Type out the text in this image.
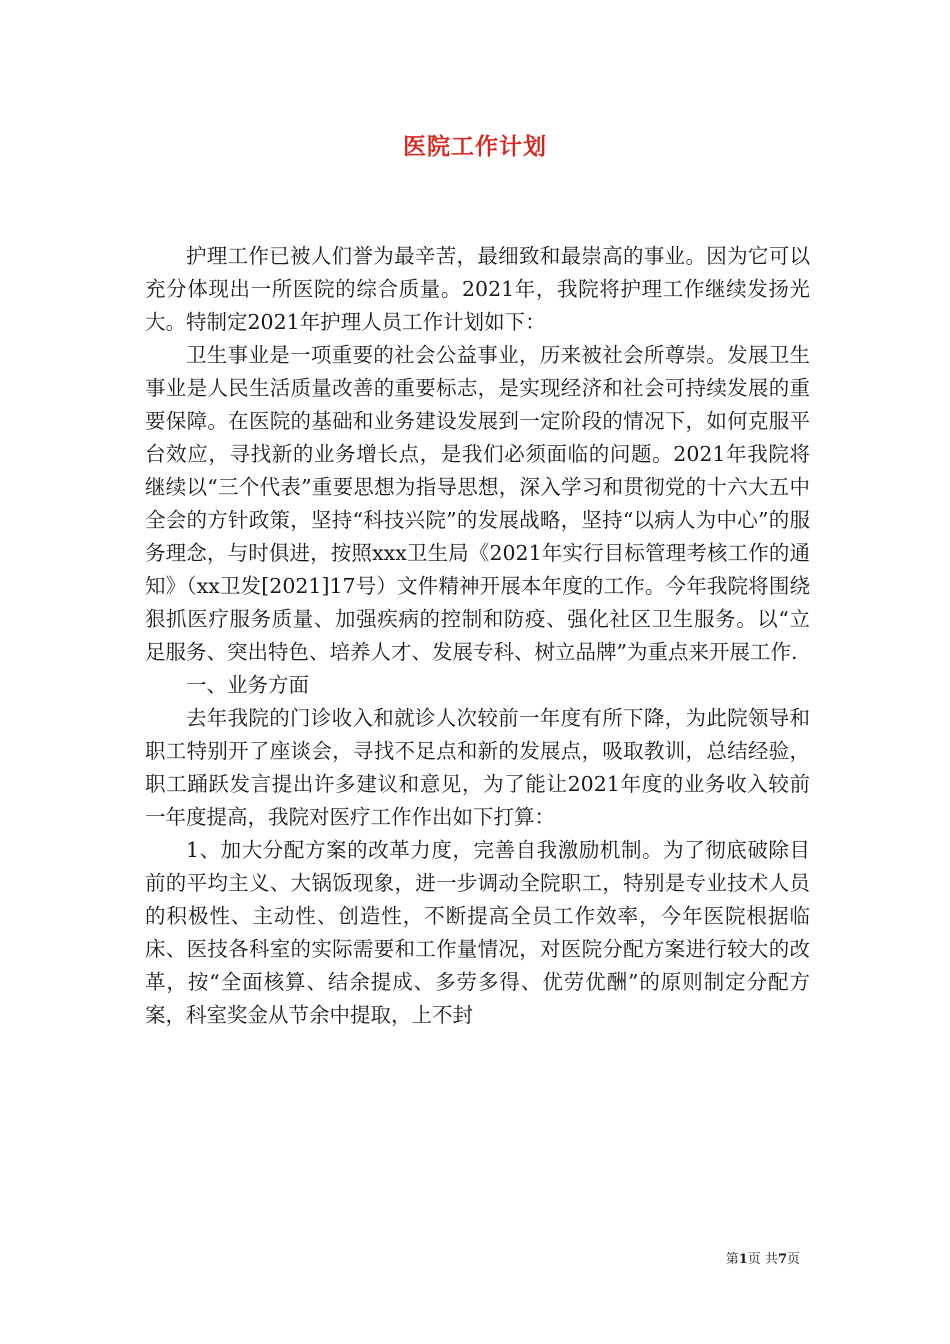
医院工作计划

护理工作已被人们誉为最辛苦，最细致和最崇高的事业。因为它可以充分体现出一所医院的综合质量。2021年，我院将护理工作继续发扬光大。特制定2021年护理人员工作计划如下：

卫生事业是一项重要的社会公益事业，历来被社会所尊崇。发展卫生事业是人民生活质量改善的重要标志，是实现经济和社会可持续发展的重要保障。在医院的基础和业务建设发展到一定阶段的情况下，如何克服平台效应，寻找新的业务增长点，是我们必须面临的问题。2021年我院将继续以“三个代表”重要思想为指导思想，深入学习和贯彻党的十六大五中全会的方针政策，坚持“科技兴院”的发展战略，坚持“以病人为中心”的服务理念，与时俱进，按照xxx卫生局《2021年实行目标管理考核工作的通知》（xx卫发[2021]17号）文件精神开展本年度的工作。今年我院将围绕狠抓医疗服务质量、加强疾病的控制和防疫、强化社区卫生服务。以“立足服务、突出特色、培养人才、发展专科、树立品牌”为重点来开展工作.

一、业务方面

去年我院的门诊收入和就诊人次较前一年度有所下降，为此院领导和职工特别开了座谈会，寻找不足点和新的发展点，吸取教训，总结经验，职工踊跃发言提出许多建议和意见，为了能让2021年度的业务收入较前一年度提高，我院对医疗工作作出如下打算：

1、加大分配方案的改革力度，完善自我激励机制。为了彻底破除目前的平均主义、大锅饭现象，进一步调动全院职工，特别是专业技术人员的积极性、主动性、创造性，不断提高全员工作效率，今年医院根据临床、医技各科室的实际需要和工作量情况，对医院分配方案进行较大的改革，按“全面核算、结余提成、多劳多得、优劳优酬”的原则制定分配方案，科室奖金从节余中提取，上不封

第1页 共7页
